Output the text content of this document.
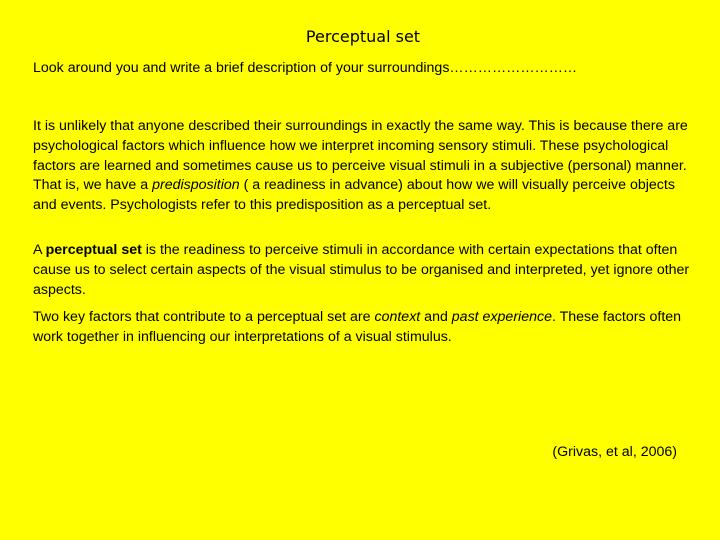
Perceptual set

Look around you and write a brief description of your surroundings………………………

It is unlikely that anyone described their surroundings in exactly the same way. This is because there are psychological factors which influence how we interpret incoming sensory stimuli. These psychological factors are learned and sometimes cause us to perceive visual stimuli in a subjective (personal) manner. That is, we have a predisposition ( a readiness in advance) about how we will visually perceive objects and events. Psychologists refer to this predisposition as a perceptual set.

A perceptual set is the readiness to perceive stimuli in accordance with certain expectations that often cause us to select certain aspects of the visual stimulus to be organised and interpreted, yet ignore other aspects.

Two key factors that contribute to a perceptual set are context and past experience. These factors often work together in influencing our interpretations of a visual stimulus.

(Grivas, et al, 2006)
